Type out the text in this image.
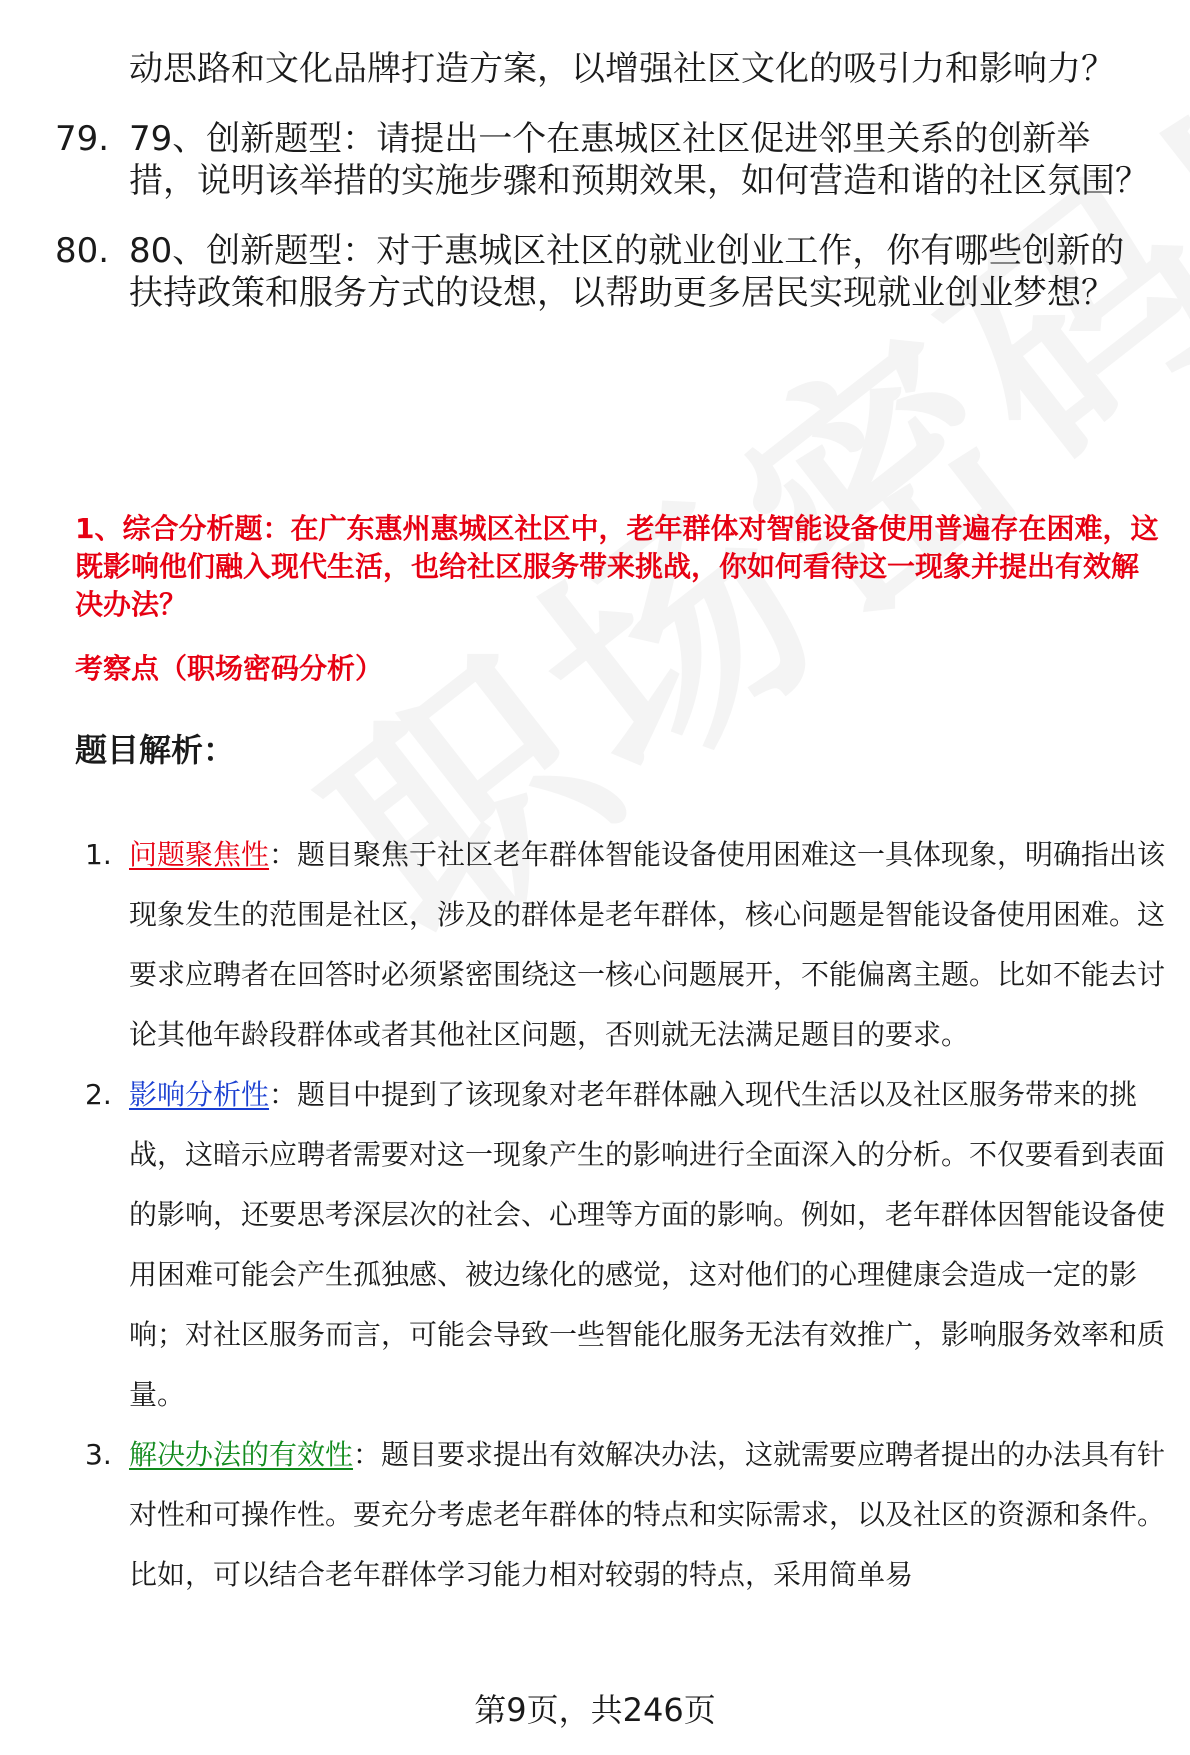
动思路和文化品牌打造方案，以增强社区文化的吸引力和影响力？
79. 79、创新题型：请提出一个在惠城区社区促进邻里关系的创新举措，说明该举措的实施步骤和预期效果，如何营造和谐的社区氛围？
80. 80、创新题型：对于惠城区社区的就业创业工作，你有哪些创新的扶持政策和服务方式的设想，以帮助更多居民实现就业创业梦想？
1、综合分析题：在广东惠州惠城区社区中，老年群体对智能设备使用普遍存在困难，这既影响他们融入现代生活，也给社区服务带来挑战，你如何看待这一现象并提出有效解决办法？
考察点（职场密码分析）
题目解析：
1. 问题聚焦性：题目聚焦于社区老年群体智能设备使用困难这一具体现象，明确指出该现象发生的范围是社区，涉及的群体是老年群体，核心问题是智能设备使用困难。这要求应聘者在回答时必须紧密围绕这一核心问题展开，不能偏离主题。比如不能去讨论其他年龄段群体或者其他社区问题，否则就无法满足题目的要求。
2. 影响分析性：题目中提到了该现象对老年群体融入现代生活以及社区服务带来的挑战，这暗示应聘者需要对这一现象产生的影响进行全面深入的分析。不仅要看到表面的影响，还要思考深层次的社会、心理等方面的影响。例如，老年群体因智能设备使用困难可能会产生孤独感、被边缘化的感觉，这对他们的心理健康会造成一定的影响；对社区服务而言，可能会导致一些智能化服务无法有效推广，影响服务效率和质量。
3. 解决办法的有效性：题目要求提出有效解决办法，这就需要应聘者提出的办法具有针对性和可操作性。要充分考虑老年群体的特点和实际需求，以及社区的资源和条件。比如，可以结合老年群体学习能力相对较弱的特点，采用简单易
第9页，共246页
